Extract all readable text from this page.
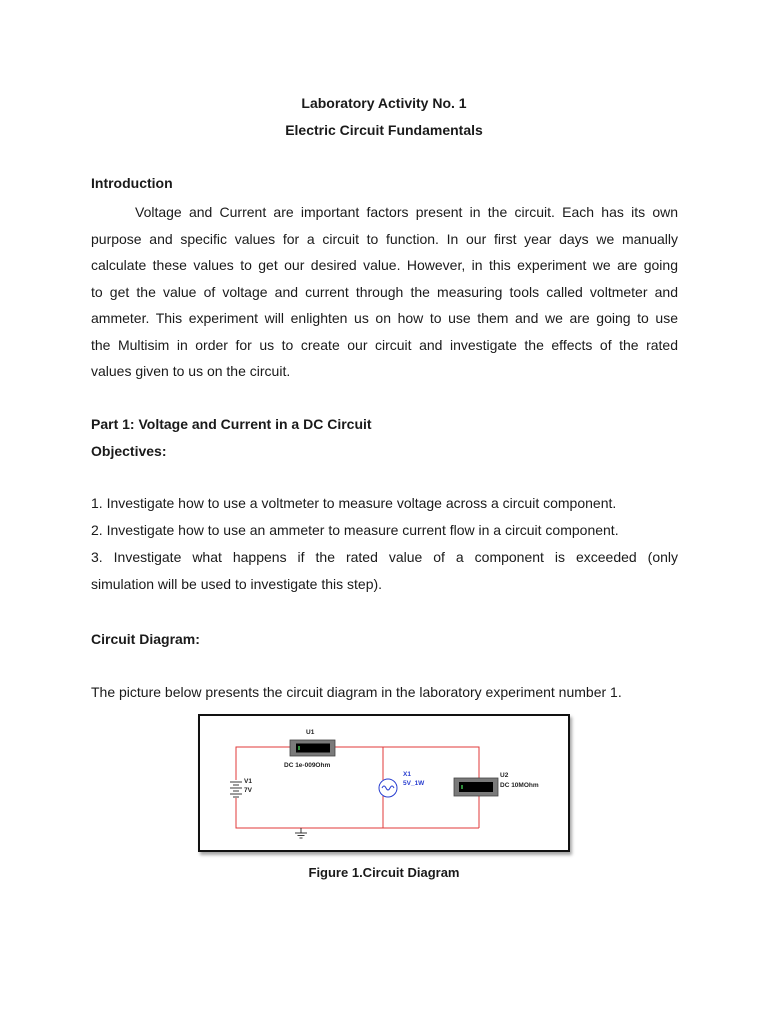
Laboratory Activity No. 1

Electric Circuit Fundamentals

Introduction

Voltage and Current are important factors present in the circuit. Each has its own
purpose and specific values for a circuit to function. In our first year days we manually
calculate these values to get our desired value. However, in this experiment we are going
to get the value of voltage and current through the measuring tools called voltmeter and
ammeter. This experiment will enlighten us on how to use them and we are going to use
the Multisim in order for us to create our circuit and investigate the effects of the rated
values given to us on the circuit.

Part 1: Voltage and Current in a DC Circuit

Objectives:

1. Investigate how to use a voltmeter to measure voltage across a circuit component.
2. Investigate how to use an ammeter to measure current flow in a circuit component.
3. Investigate what happens if the rated value of a component is exceeded (only
simulation will be used to investigate this step).

Circuit Diagram:

The picture below presents the circuit diagram in the laboratory experiment number 1.

U1
DC 1e-009Ohm
V1
7V
X1
5V_1W
U2
DC 10MOhm

Figure 1.Circuit Diagram
